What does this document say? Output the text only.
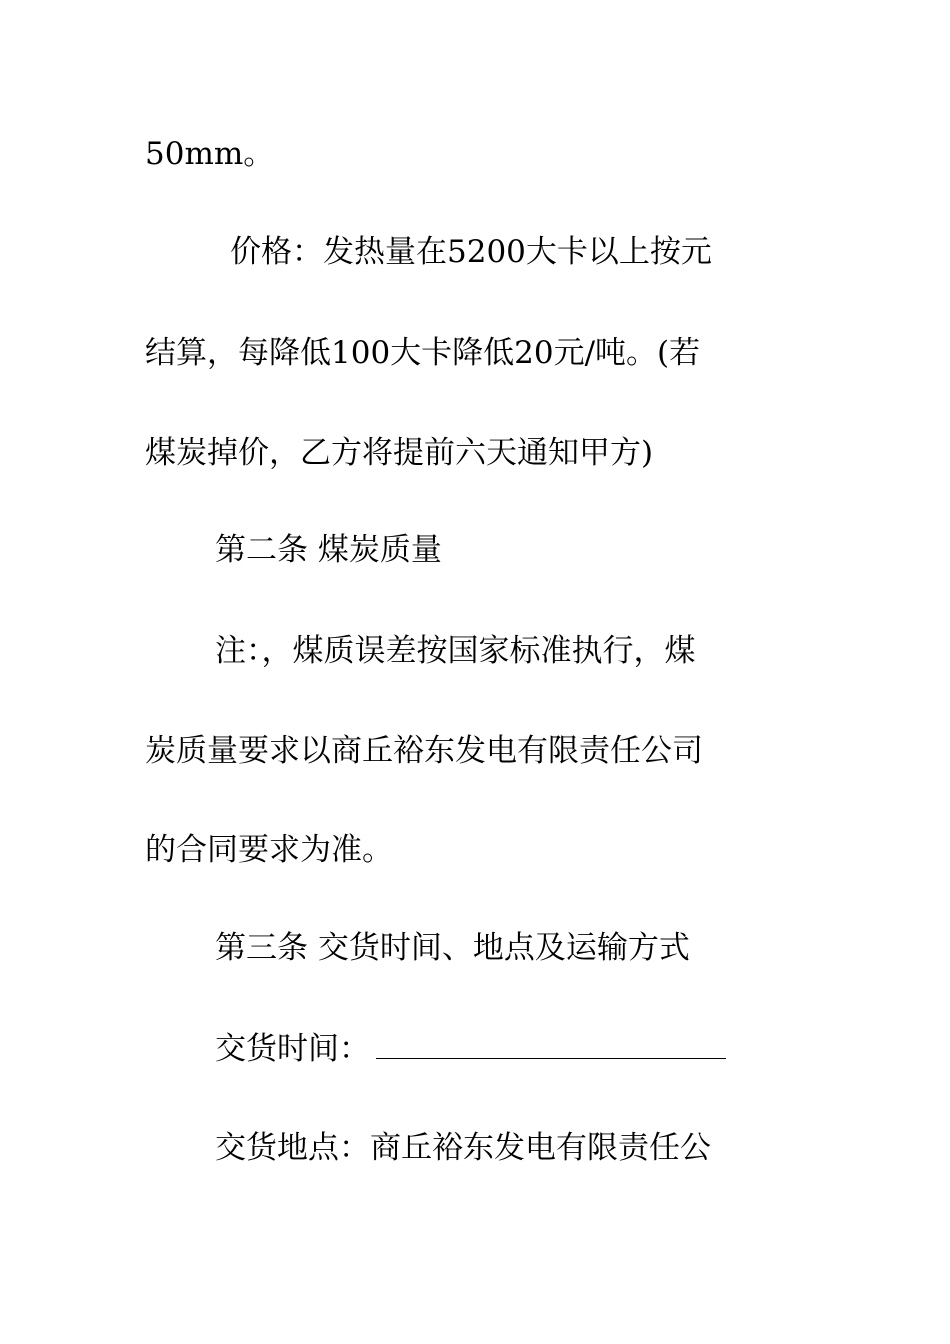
50mm。
价格：发热量在5200大卡以上按元
结算，每降低100大卡降低20元/吨。(若
煤炭掉价，乙方将提前六天通知甲方)
第二条 煤炭质量
注：，煤质误差按国家标准执行，煤
炭质量要求以商丘裕东发电有限责任公司
的合同要求为准。
第三条 交货时间、地点及运输方式
交货时间：
交货地点：商丘裕东发电有限责任公
